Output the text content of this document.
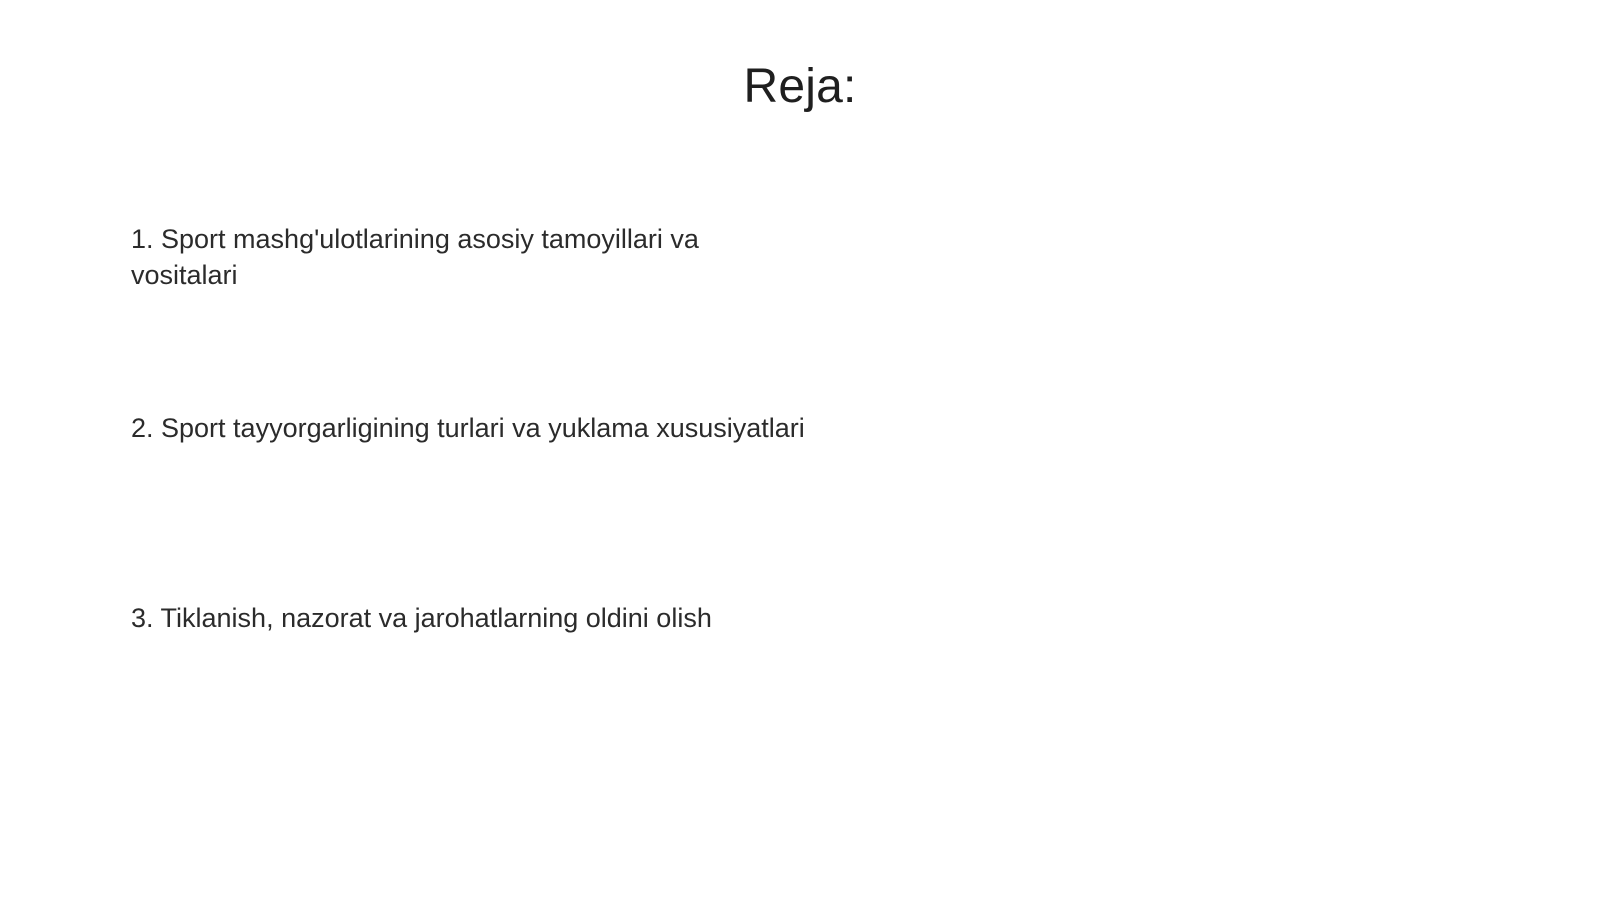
Reja:
1. Sport mashg'ulotlarining asosiy tamoyillari va vositalari
2. Sport tayyorgarligining turlari va yuklama xususiyatlari
3. Tiklanish, nazorat va jarohatlarning oldini olish
